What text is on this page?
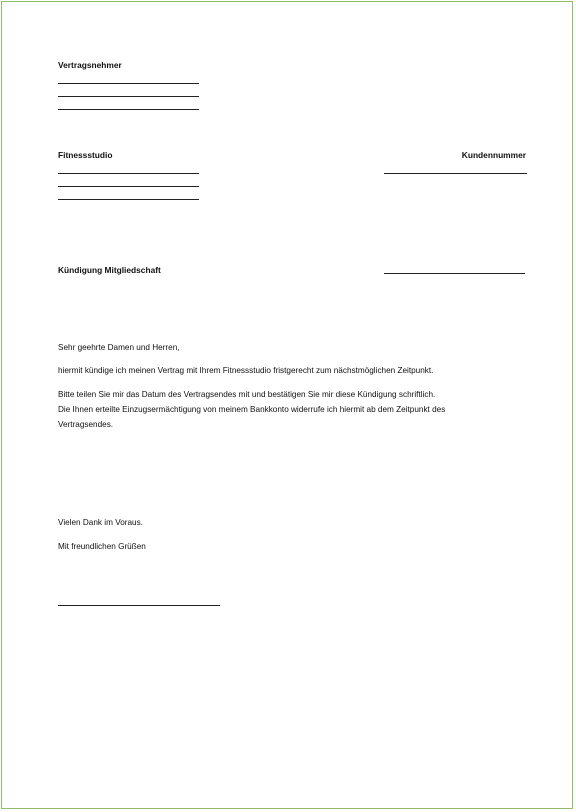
Vertragsnehmer
Fitnessstudio	Kundennummer
Kündigung Mitgliedschaft
Sehr geehrte Damen und Herren,
hiermit kündige ich meinen Vertrag mit Ihrem Fitnessstudio fristgerecht zum nächstmöglichen Zeitpunkt.
Bitte teilen Sie mir das Datum des Vertragsendes mit und bestätigen Sie mir diese Kündigung schriftlich.
Die Ihnen erteilte Einzugsermächtigung von meinem Bankkonto widerrufe ich hiermit ab dem Zeitpunkt des
Vertragsendes.
Vielen Dank im Voraus.
Mit freundlichen Grüßen
